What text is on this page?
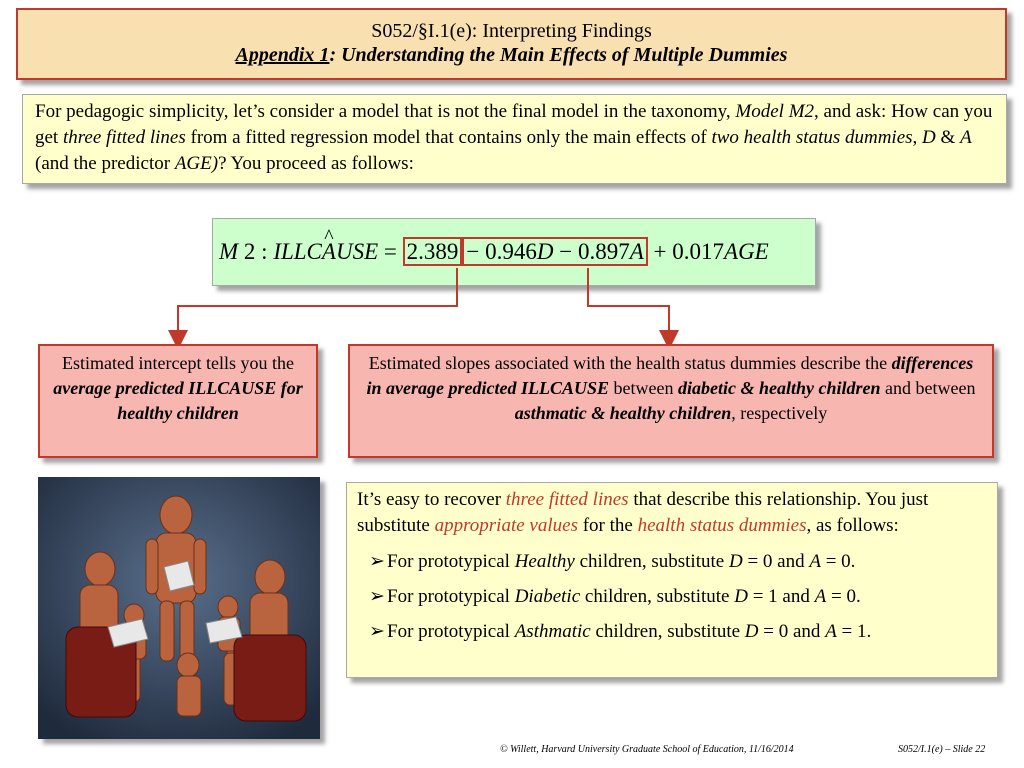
S052/§I.1(e): Interpreting Findings
Appendix 1: Understanding the Main Effects of Multiple Dummies
For pedagogic simplicity, let’s consider a model that is not the final model in the taxonomy, Model M2, and ask: How can you get three fitted lines from a fitted regression model that contains only the main effects of two health status dummies, D & A (and the predictor AGE)? You proceed as follows:
M 2 : ILLCA ^USE = 2.389 − 0.946D − 0.897A + 0.017AGE
Estimated intercept tells you the average predicted ILLCAUSE for healthy children
Estimated slopes associated with the health status dummies describe the differences in average predicted ILLCAUSE between diabetic & healthy children and between asthmatic & healthy children, respectively
It’s easy to recover three fitted lines that describe this relationship. You just substitute appropriate values for the health status dummies, as follows:
➢ For prototypical Healthy children, substitute D = 0 and A = 0.
➢ For prototypical Diabetic children, substitute D = 1 and A = 0.
➢ For prototypical Asthmatic children, substitute D = 0 and A = 1.
© Willett, Harvard University Graduate School of Education, 11/16/2014	S052/I.1(e) – Slide 22
